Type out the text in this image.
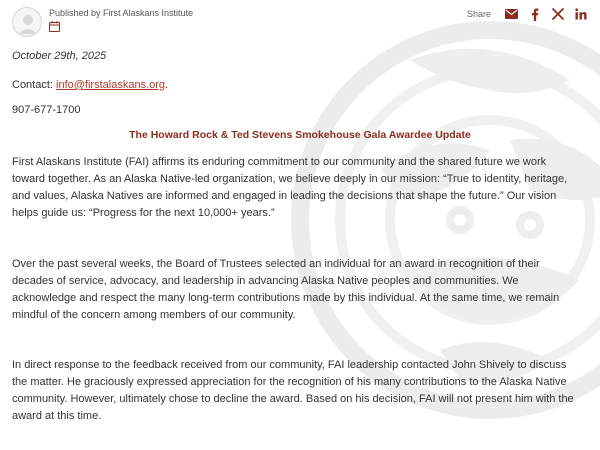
Published by First Alaskans Institute	Share
October 29th, 2025
Contact: info@firstalaskans.org.
907-677-1700
The Howard Rock & Ted Stevens Smokehouse Gala Awardee Update

First Alaskans Institute (FAI) affirms its enduring commitment to our community and the shared future we work toward together. As an Alaska Native-led organization, we believe deeply in our mission: “True to identity, heritage, and values, Alaska Natives are informed and engaged in leading the decisions that shape the future.” Our vision helps guide us: “Progress for the next 10,000+ years.”

Over the past several weeks, the Board of Trustees selected an individual for an award in recognition of their decades of service, advocacy, and leadership in advancing Alaska Native peoples and communities. We acknowledge and respect the many long-term contributions made by this individual. At the same time, we remain mindful of the concern among members of our community.

In direct response to the feedback received from our community, FAI leadership contacted John Shively to discuss the matter. He graciously expressed appreciation for the recognition of his many contributions to the Alaska Native community. However, ultimately chose to decline the award. Based on his decision, FAI will not present him with the award at this time.
